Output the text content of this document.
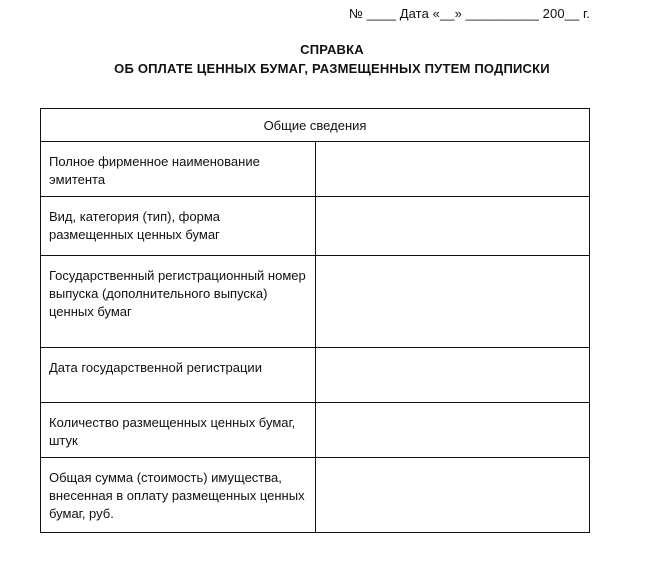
№ ____ Дата «__» __________ 200__ г.
СПРАВКА
ОБ ОПЛАТЕ ЦЕННЫХ БУМАГ, РАЗМЕЩЕННЫХ ПУТЕМ ПОДПИСКИ
Общие сведения	
Полное фирменное наименование эмитента	
Вид, категория (тип), форма размещенных ценных бумаг	
Государственный регистрационный номер выпуска (дополнительного выпуска) ценных бумаг	
Дата государственной регистрации	
Количество размещенных ценных бумаг, штук	
Общая сумма (стоимость) имущества, внесенная в оплату размещенных ценных бумаг, руб.	
